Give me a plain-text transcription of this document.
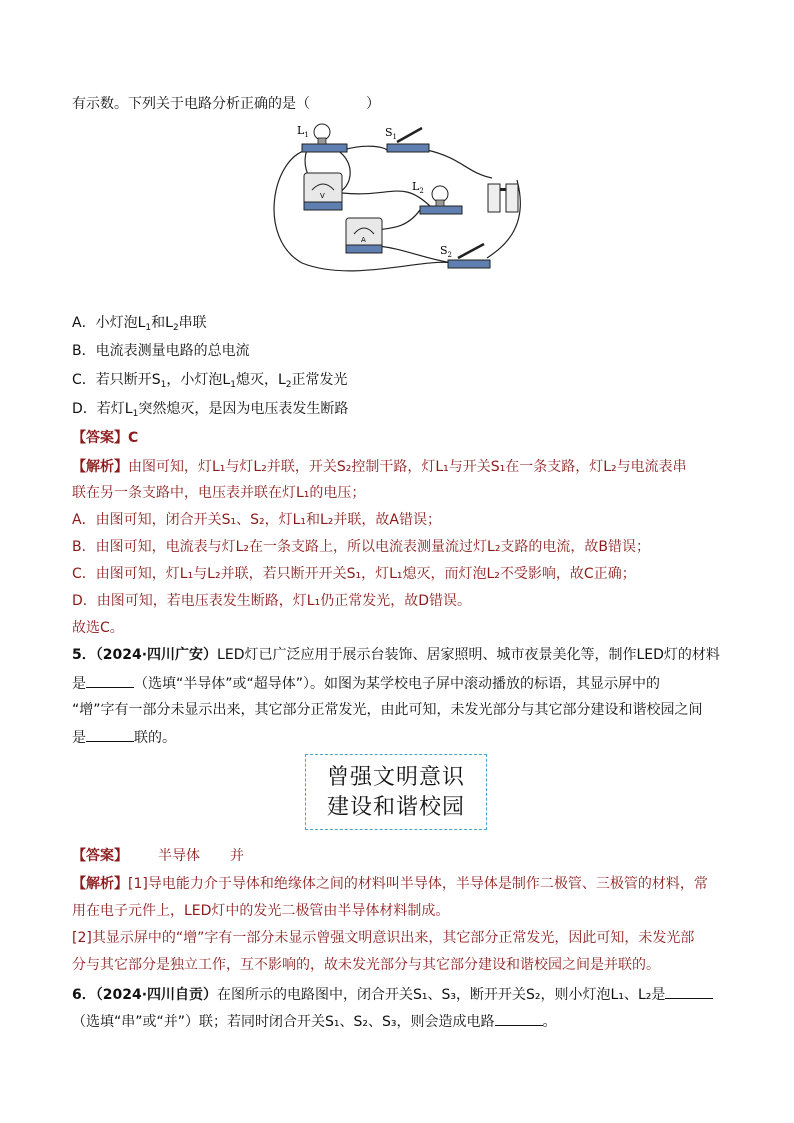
有示数。下列关于电路分析正确的是（　　　　）
$L_1$	$S_1$
V
$L_2$
A
$S_2$
A．小灯泡$L_1$和$L_2$串联
B．电流表测量电路的总电流
C．若只断开$S_1$，小灯泡$L_1$熄灭，$L_2$正常发光
D．若灯$L_1$突然熄灭，是因为电压表发生断路
【答案】C
【解析】由图可知，灯L₁与灯L₂并联，开关S₂控制干路，灯L₁与开关S₁在一条支路，灯L₂与电流表串
联在另一条支路中，电压表并联在灯L₁的电压；
A．由图可知，闭合开关S₁、S₂，灯L₁和L₂并联，故A错误；
B．由图可知，电流表与灯L₂在一条支路上，所以电流表测量流过灯L₂支路的电流，故B错误；
C．由图可知，灯L₁与L₂并联，若只断开开关S₁，灯L₁熄灭，而灯泡L₂不受影响，故C正确；
D．由图可知，若电压表发生断路，灯L₁仍正常发光，故D错误。
故选C。
5．（2024·四川广安）LED灯已广泛应用于展示台装饰、居家照明、城市夜景美化等，制作LED灯的材料
是	（选填“半导体”或“超导体”）。如图为某学校电子屏中滚动播放的标语，其显示屏中的
“增”字有一部分未显示出来，其它部分正常发光，由此可知，未发光部分与其它部分建设和谐校园之间
是	联的。
曾强文明意识
建设和谐校园
【答案】 半导体 并
【解析】[1]导电能力介于导体和绝缘体之间的材料叫半导体，半导体是制作二极管、三极管的材料，常
用在电子元件上，LED灯中的发光二极管由半导体材料制成。
[2]其显示屏中的“增”字有一部分未显示曾强文明意识出来，其它部分正常发光，因此可知，未发光部
分与其它部分是独立工作，互不影响的，故未发光部分与其它部分建设和谐校园之间是并联的。
6．（2024·四川自贡）在图所示的电路图中，闭合开关S₁、S₃，断开开关S₂，则小灯泡L₁、L₂是
（选填“串”或“并”）联；若同时闭合开关S₁、S₂、S₃，则会造成电路	。
